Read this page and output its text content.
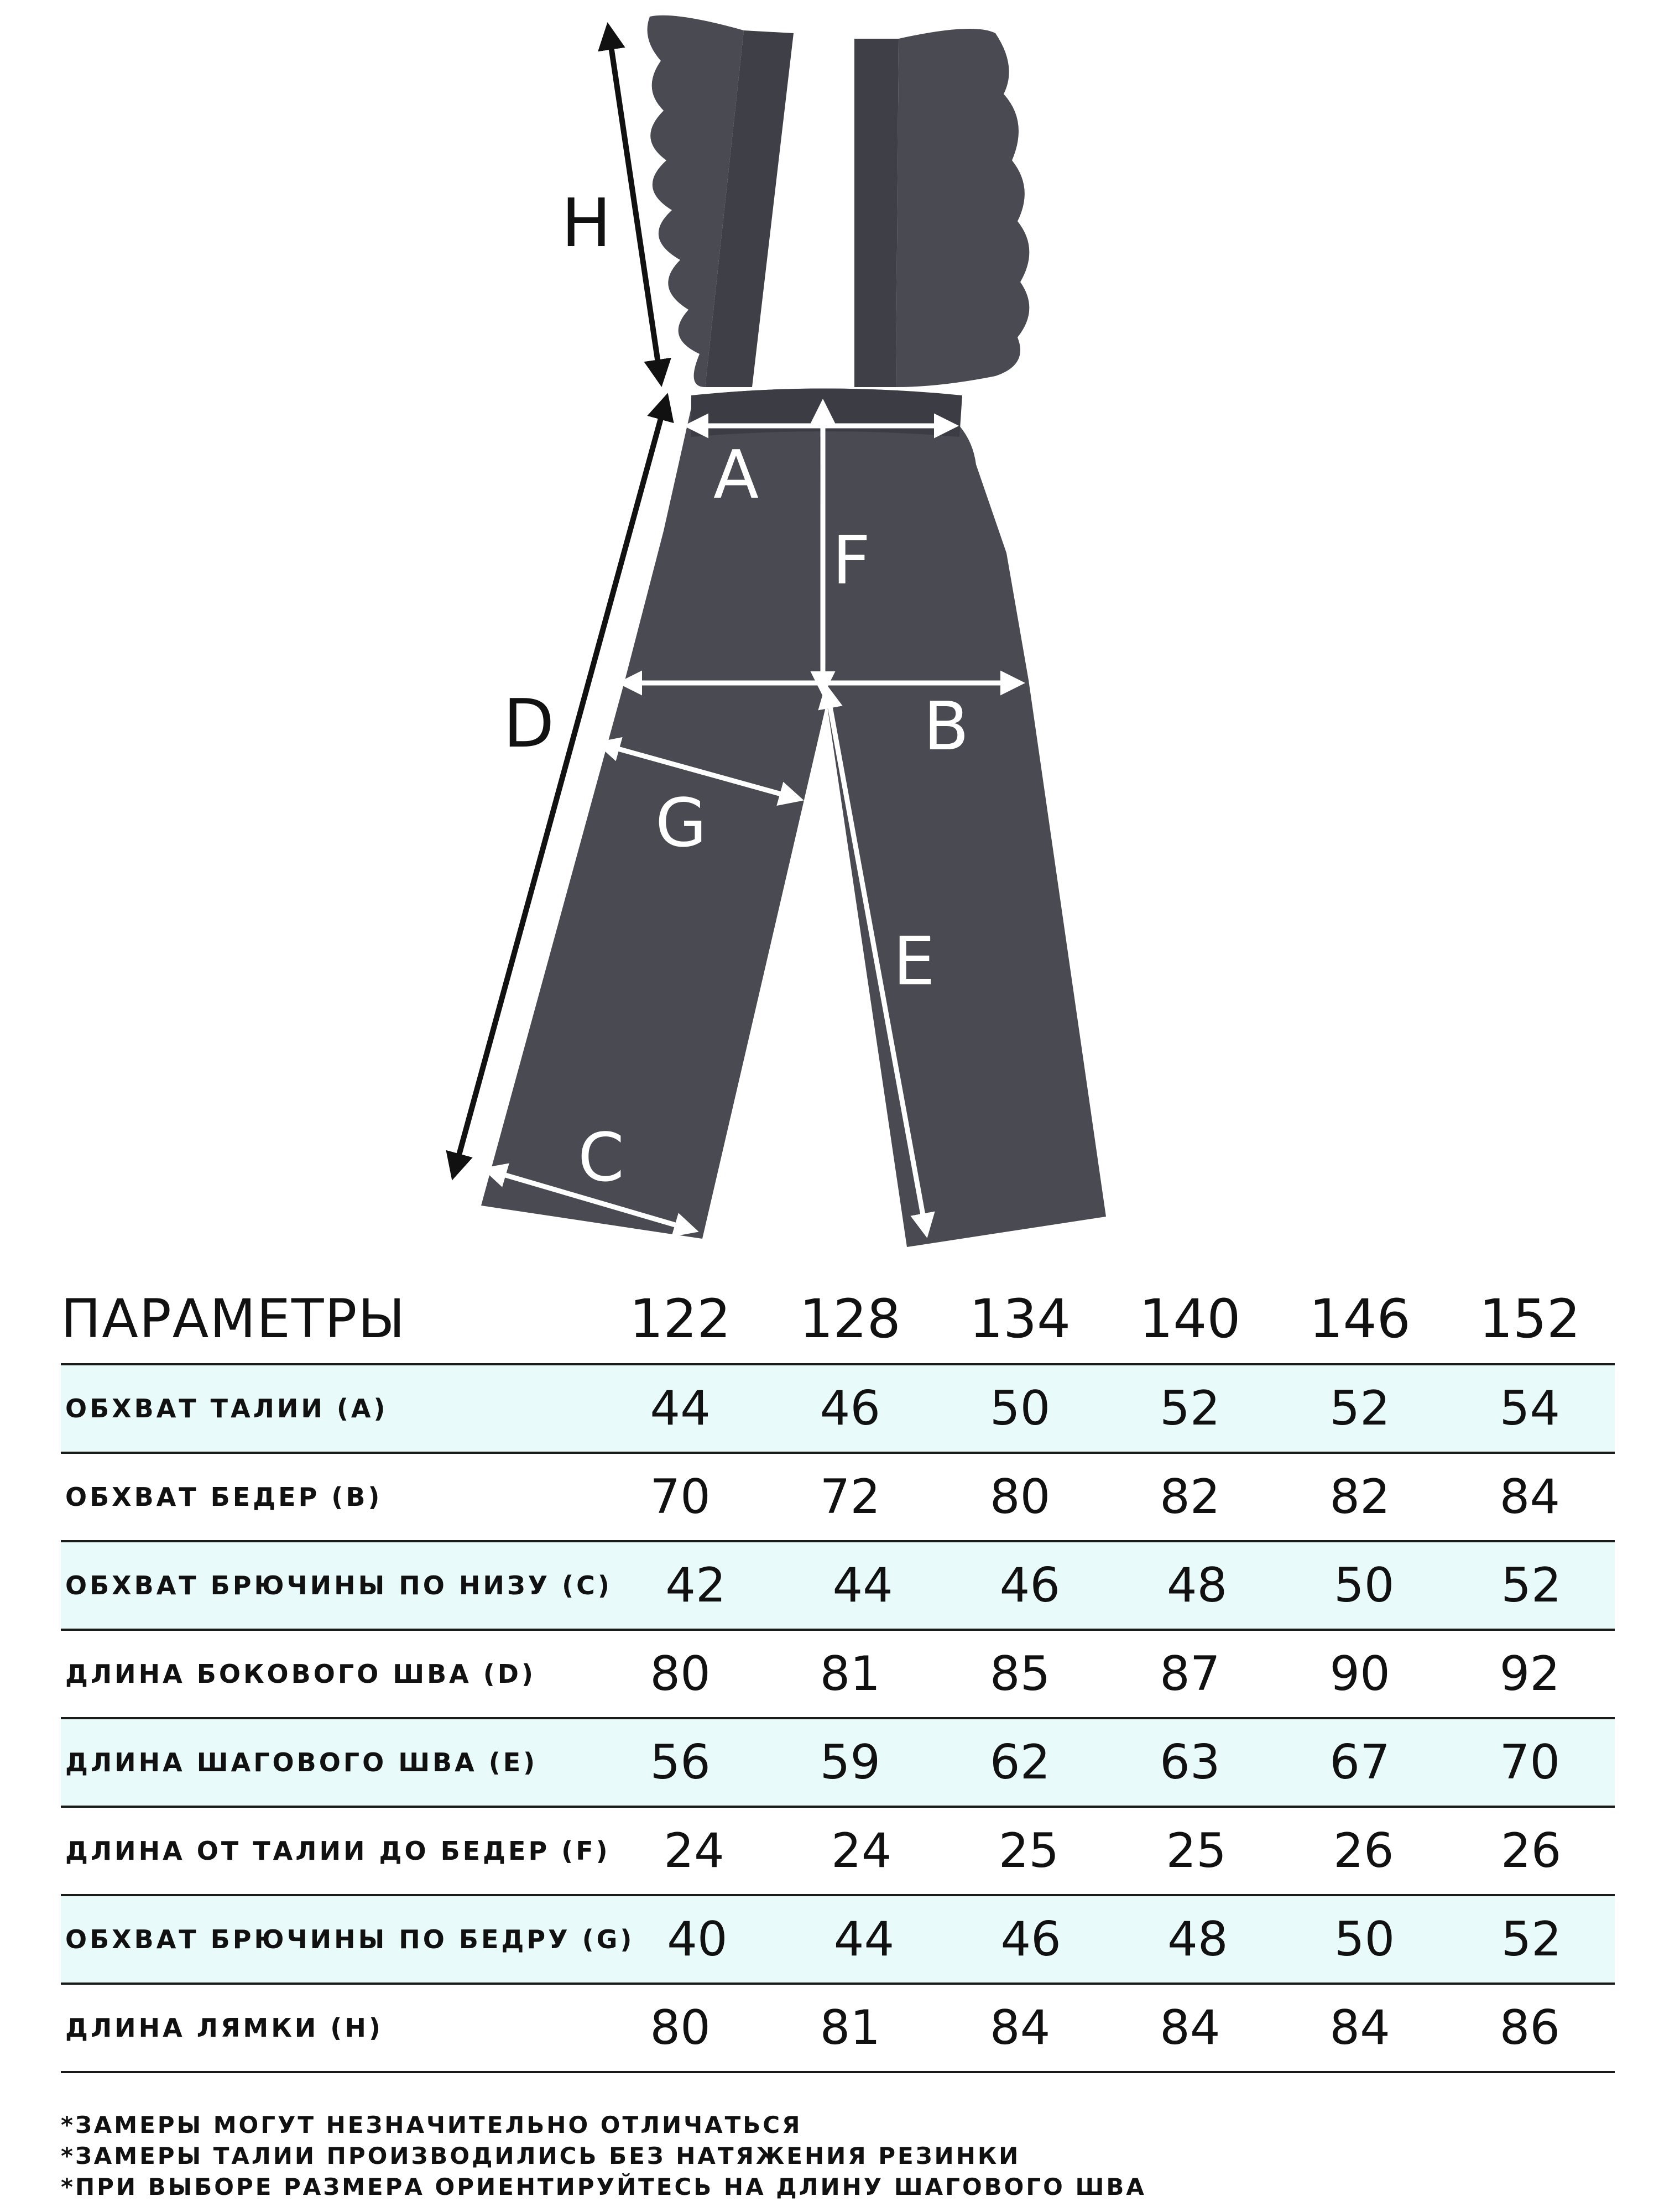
H
D
A
F
B
G
E
C
ПАРАМЕТРЫ	122	128	134	140	146	152
ОБХВАТ ТАЛИИ (A)	44	46	50	52	52	54
ОБХВАТ БЕДЕР (B)	70	72	80	82	82	84
ОБХВАТ БРЮЧИНЫ ПО НИЗУ (C)	42	44	46	48	50	52
ДЛИНА БОКОВОГО ШВА (D)	80	81	85	87	90	92
ДЛИНА ШАГОВОГО ШВА (E)	56	59	62	63	67	70
ДЛИНА ОТ ТАЛИИ ДО БЕДЕР (F)	24	24	25	25	26	26
ОБХВАТ БРЮЧИНЫ ПО БЕДРУ (G) 40	44	46	48	50	52
ДЛИНА ЛЯМКИ (H)	80	81	84	84	84	86
*ЗАМЕРЫ МОГУТ НЕЗНАЧИТЕЛЬНО ОТЛИЧАТЬСЯ
*ЗАМЕРЫ ТАЛИИ ПРОИЗВОДИЛИСЬ БЕЗ НАТЯЖЕНИЯ РЕЗИНКИ
*ПРИ ВЫБОРЕ РАЗМЕРА ОРИЕНТИРУЙТЕСЬ НА ДЛИНУ ШАГОВОГО ШВА
